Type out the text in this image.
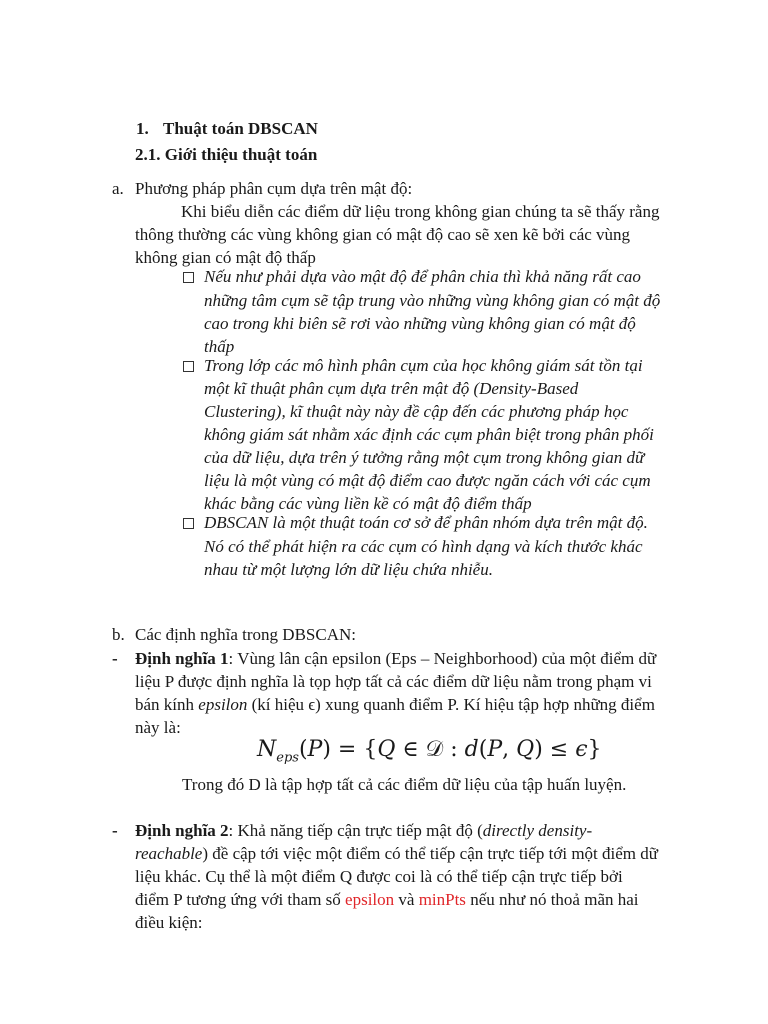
1. Thuật toán DBSCAN
2.1. Giới thiệu thuật toán
a. Phương pháp phân cụm dựa trên mật độ:
Khi biểu diễn các điểm dữ liệu trong không gian chúng ta sẽ thấy rằng
thông thường các vùng không gian có mật độ cao sẽ xen kẽ bởi các vùng
không gian có mật độ thấp
Nếu như phải dựa vào mật độ để phân chia thì khả năng rất cao
những tâm cụm sẽ tập trung vào những vùng không gian có mật độ
cao trong khi biên sẽ rơi vào những vùng không gian có mật độ
thấp
Trong lớp các mô hình phân cụm của học không giám sát tồn tại
một kĩ thuật phân cụm dựa trên mật độ (Density-Based
Clustering), kĩ thuật này này đề cập đến các phương pháp học
không giám sát nhằm xác định các cụm phân biệt trong phân phối
của dữ liệu, dựa trên ý tưởng rằng một cụm trong không gian dữ
liệu là một vùng có mật độ điểm cao được ngăn cách với các cụm
khác bằng các vùng liền kề có mật độ điểm thấp
DBSCAN là một thuật toán cơ sở để phân nhóm dựa trên mật độ.
Nó có thể phát hiện ra các cụm có hình dạng và kích thước khác
nhau từ một lượng lớn dữ liệu chứa nhiễu.
b. Các định nghĩa trong DBSCAN:
- Định nghĩa 1: Vùng lân cận epsilon (Eps – Neighborhood) của một điểm dữ
liệu P được định nghĩa là tọp hợp tất cả các điểm dữ liệu nằm trong phạm vi
bán kính epsilon (kí hiệu ϵ) xung quanh điểm P. Kí hiệu tập hợp những điểm
này là:
$N_{eps}(P) = \{Q$ ∈ 𝒟 : d(P, Q) ≤ ϵ}
Trong đó D là tập hợp tất cả các điểm dữ liệu của tập huấn luyện.
- Định nghĩa 2: Khả năng tiếp cận trực tiếp mật độ (directly density-
reachable) đề cập tới việc một điểm có thể tiếp cận trực tiếp tới một điểm dữ
liệu khác. Cụ thể là một điểm Q được coi là có thể tiếp cận trực tiếp bởi
điểm P tương ứng với tham số epsilon và minPts nếu như nó thoả mãn hai
điều kiện:
